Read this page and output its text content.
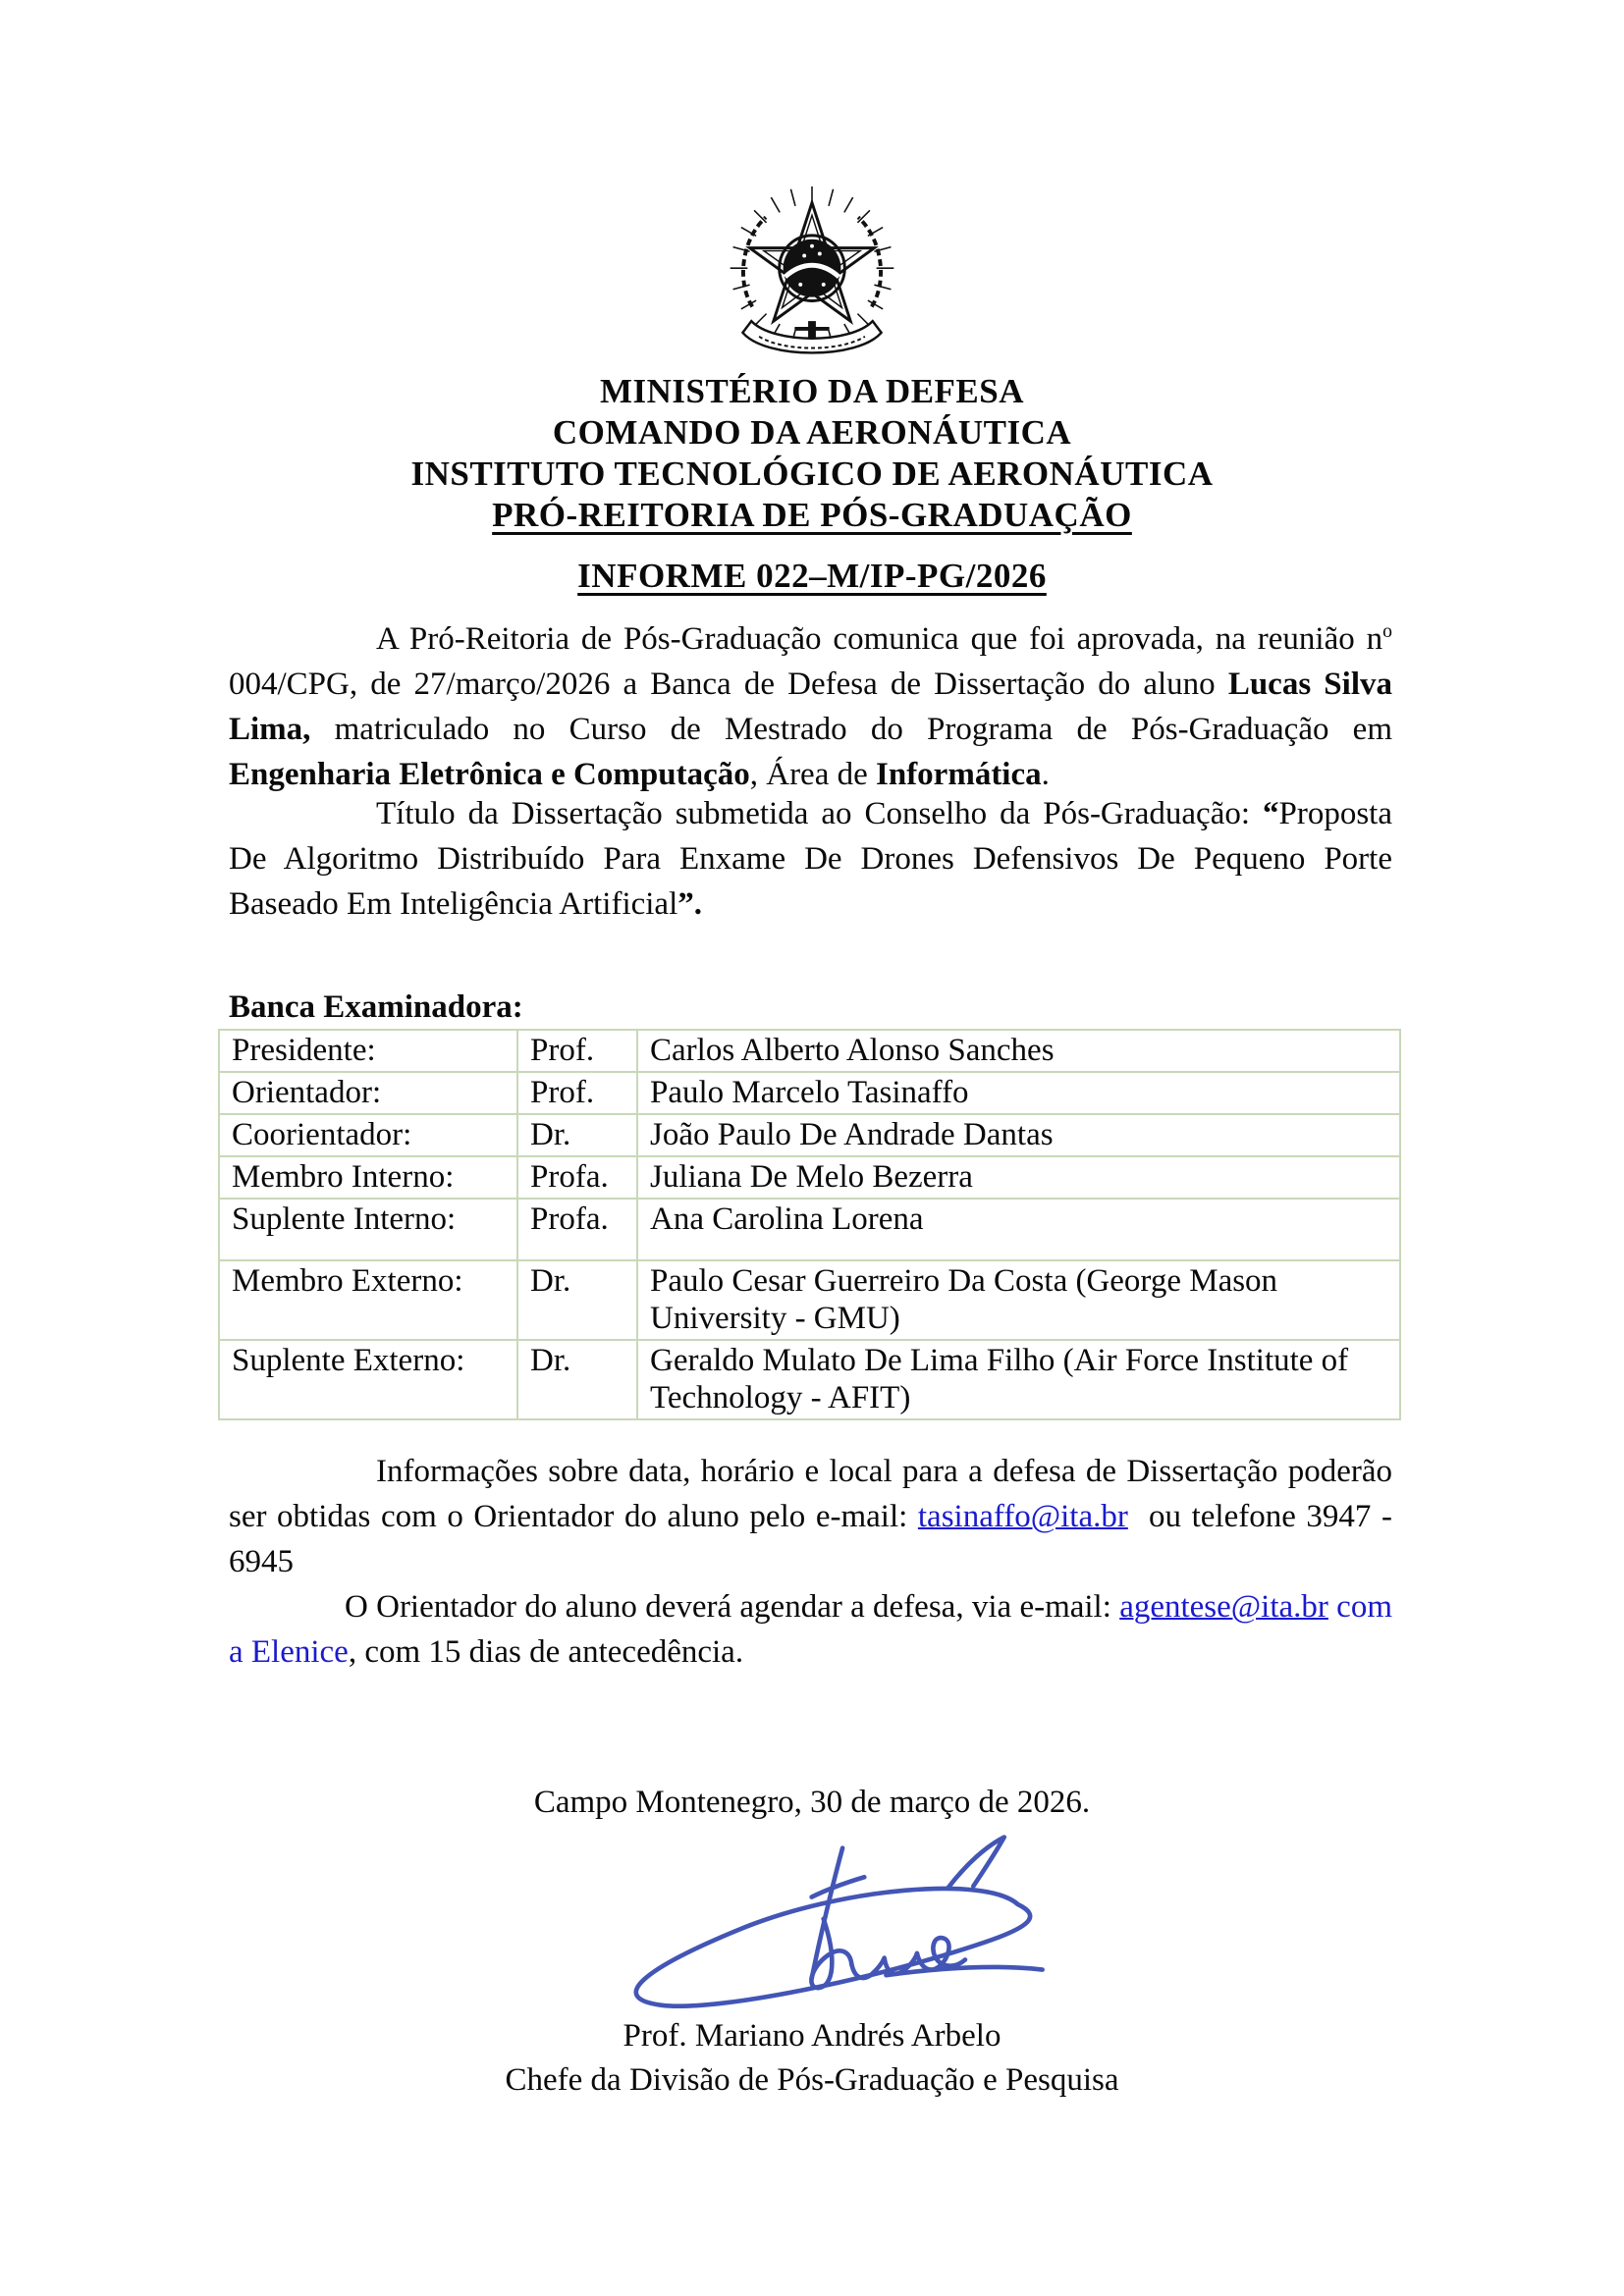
MINISTÉRIO DA DEFESA
COMANDO DA AERONÁUTICA
INSTITUTO TECNOLÓGICO DE AERONÁUTICA
PRÓ-REITORIA DE PÓS-GRADUAÇÃO
INFORME 022–M/IP-PG/2026

A Pró-Reitoria de Pós-Graduação comunica que foi aprovada, na reunião $n^o$ 004/CPG, de 27/março/2026 a Banca de Defesa de Dissertação do aluno Lucas Silva Lima, matriculado no Curso de Mestrado do Programa de Pós-Graduação em Engenharia Eletrônica e Computação, Área de Informática.

Título da Dissertação submetida ao Conselho da Pós-Graduação: “Proposta De Algoritmo Distribuído Para Enxame De Drones Defensivos De Pequeno Porte Baseado Em Inteligência Artificial”.

Banca Examinadora:
Presidente:	Prof.	Carlos Alberto Alonso Sanches
Orientador:	Prof.	Paulo Marcelo Tasinaffo
Coorientador:	Dr.	João Paulo De Andrade Dantas
Membro Interno:	Profa.	Juliana De Melo Bezerra
Suplente Interno:	Profa.	Ana Carolina Lorena
Membro Externo:	Dr.	Paulo Cesar Guerreiro Da Costa (George Mason University - GMU)
Suplente Externo:	Dr.	Geraldo Mulato De Lima Filho (Air Force Institute of Technology - AFIT)

Informações sobre data, horário e local para a defesa de Dissertação poderão ser obtidas com o Orientador do aluno pelo e-mail: tasinaffo@ita.br  ou telefone 3947 - 6945

O Orientador do aluno deverá agendar a defesa, via e-mail: agentese@ita.br com a Elenice, com 15 dias de antecedência.

Campo Montenegro, 30 de março de 2026.
Prof. Mariano Andrés Arbelo
Chefe da Divisão de Pós-Graduação e Pesquisa
